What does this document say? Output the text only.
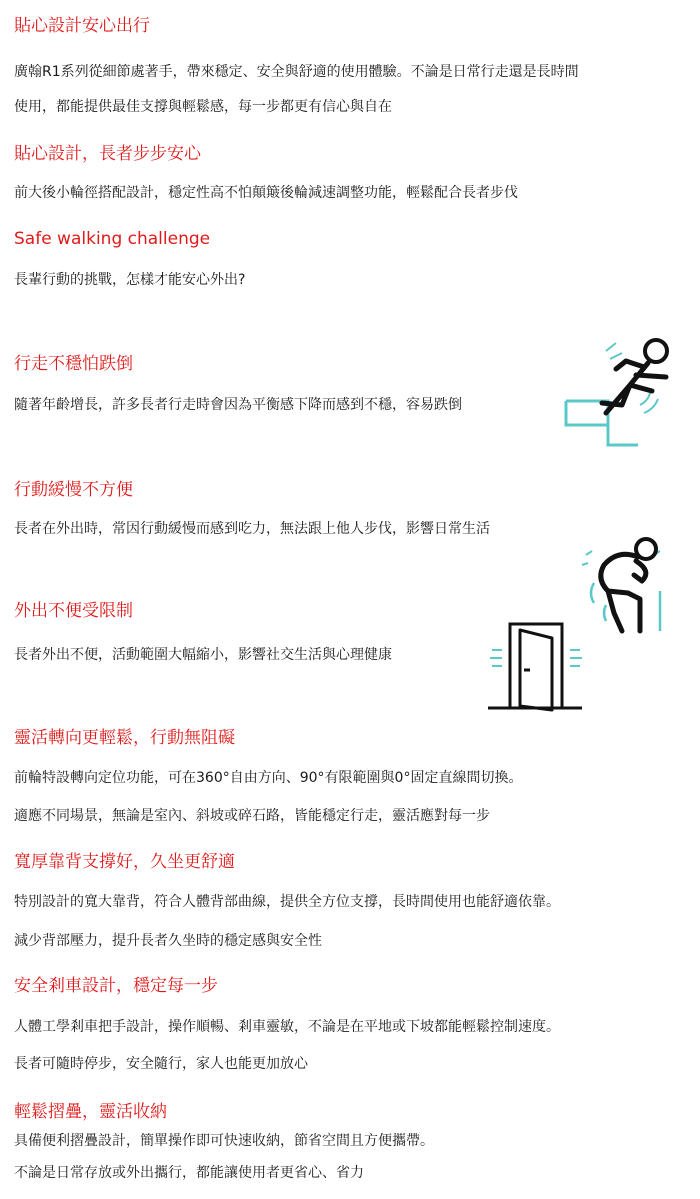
貼心設計安心出行
廣翰R1系列從細節處著手，帶來穩定、安全與舒適的使用體驗。不論是日常行走還是長時間
使用，都能提供最佳支撐與輕鬆感，每一步都更有信心與自在
貼心設計，長者步步安心
前大後小輪徑搭配設計，穩定性高不怕顛簸後輪減速調整功能，輕鬆配合長者步伐
Safe walking challenge
長輩行動的挑戰，怎樣才能安心外出?
行走不穩怕跌倒
隨著年齡增長，許多長者行走時會因為平衡感下降而感到不穩，容易跌倒
行動緩慢不方便
長者在外出時，常因行動緩慢而感到吃力，無法跟上他人步伐，影響日常生活
外出不便受限制
長者外出不便，活動範圍大幅縮小，影響社交生活與心理健康
靈活轉向更輕鬆，行動無阻礙
前輪特設轉向定位功能，可在360°自由方向、90°有限範圍與0°固定直線間切換。
適應不同場景，無論是室內、斜坡或碎石路，皆能穩定行走，靈活應對每一步
寬厚靠背支撐好，久坐更舒適
特別設計的寬大靠背，符合人體背部曲線，提供全方位支撐，長時間使用也能舒適依靠。
減少背部壓力，提升長者久坐時的穩定感與安全性
安全剎車設計，穩定每一步
人體工學剎車把手設計，操作順暢、剎車靈敏，不論是在平地或下坡都能輕鬆控制速度。
長者可隨時停步，安全隨行，家人也能更加放心
輕鬆摺疊，靈活收納
具備便利摺疊設計，簡單操作即可快速收納，節省空間且方便攜帶。
不論是日常存放或外出攜行，都能讓使用者更省心、省力
